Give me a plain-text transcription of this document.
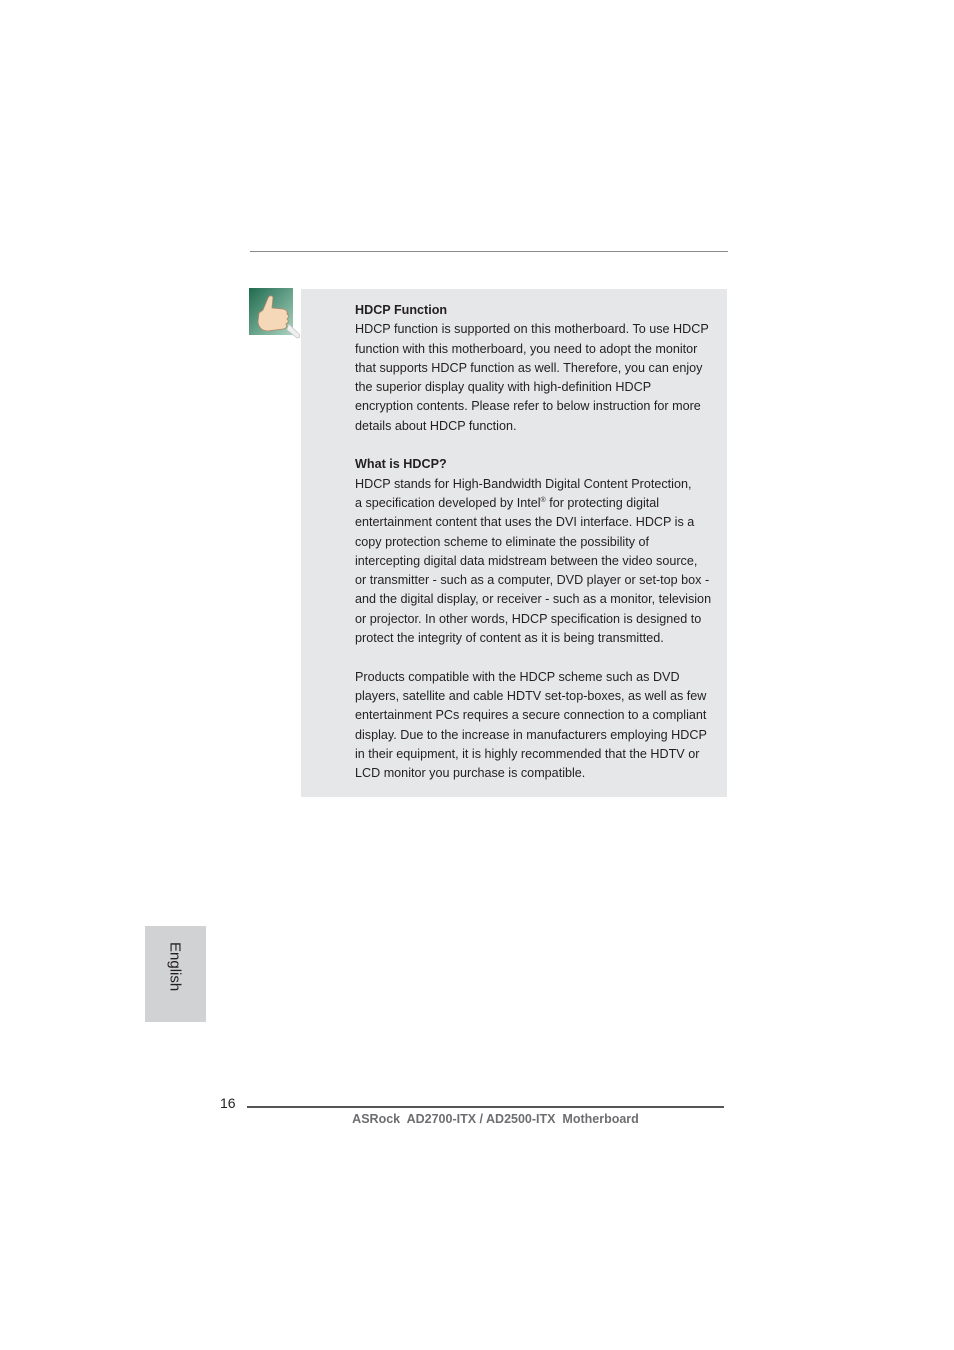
HDCP Function

HDCP function is supported on this motherboard. To use HDCP

function with this motherboard, you need to adopt the monitor

that supports HDCP function as well. Therefore, you can enjoy

the superior display quality with high-definition HDCP

encryption contents. Please refer to below instruction for more

details about HDCP function.

What is HDCP?

HDCP stands for High-Bandwidth Digital Content Protection,

a specification developed by Intel® for protecting digital

entertainment content that uses the DVI interface. HDCP is a

copy protection scheme to eliminate the possibility of

intercepting digital data midstream between the video source,

or transmitter - such as a computer, DVD player or set-top box -

and the digital display, or receiver - such as a monitor, television

or projector. In other words, HDCP specification is designed to

protect the integrity of content as it is being transmitted.

Products compatible with the HDCP scheme such as DVD

players, satellite and cable HDTV set-top-boxes, as well as few

entertainment PCs requires a secure connection to a compliant

display. Due to the increase in manufacturers employing HDCP

in their equipment, it is highly recommended that the HDTV or

LCD monitor you purchase is compatible.

English
16
ASRock  AD2700-ITX / AD2500-ITX  Motherboard
